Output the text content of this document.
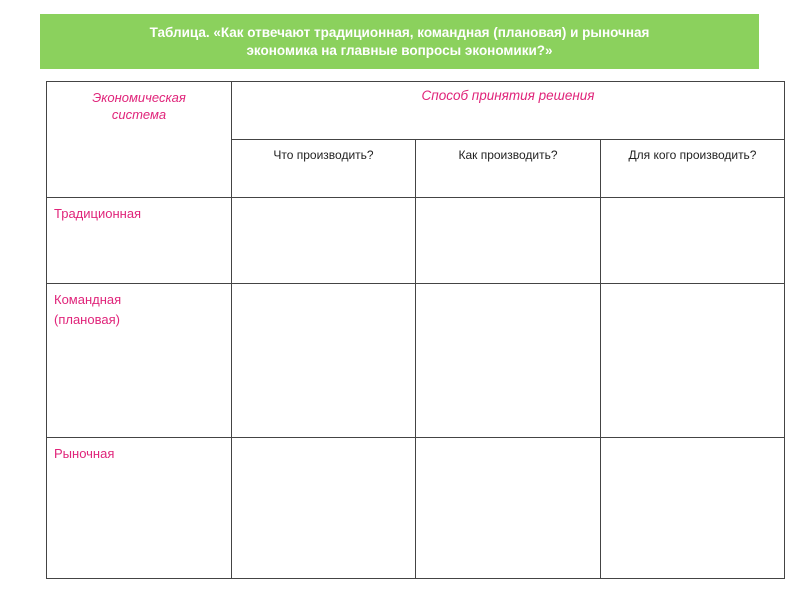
Таблица. «Как отвечают традиционная, командная (плановая) и рыночная
экономика на главные вопросы экономики?»
Экономическая
система	Способ принятия решения		
	Что производить?	Как производить?	Для кого производить?

Традиционная			

Командная
(плановая)			

Рыночная			
